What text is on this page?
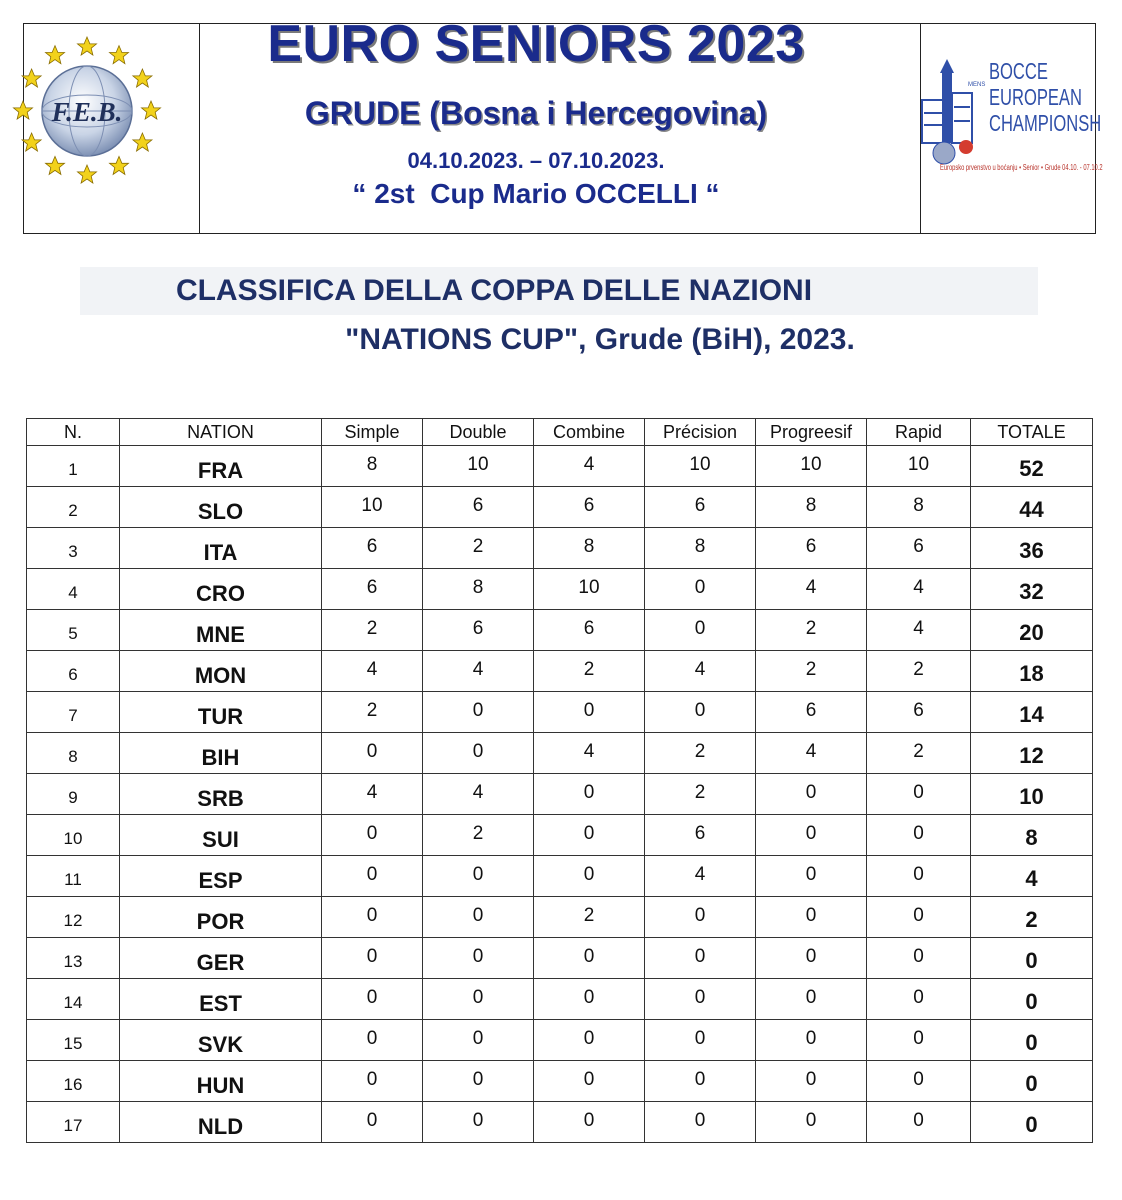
F.E.B.
EURO SENIORS 2023
GRUDE (Bosna i Hercegovina)
04.10.2023. – 07.10.2023.
“ 2st  Cup Mario OCCELLI “
MENS
BOCCE
EUROPEAN
CHAMPIONSH
Europsko prvenstvo u boćanju • Senior • Grude 04.10. - 07.10.2
CLASSIFICA DELLA COPPA DELLE NAZIONI
"NATIONS CUP", Grude (BiH), 2023.
N.	NATION	Simple	Double	Combine	Précision	Progreesif	Rapid	TOTALE
1	FRA	8	10	4	10	10	10	52
2	SLO	10	6	6	6	8	8	44
3	ITA	6	2	8	8	6	6	36
4	CRO	6	8	10	0	4	4	32
5	MNE	2	6	6	0	2	4	20
6	MON	4	4	2	4	2	2	18
7	TUR	2	0	0	0	6	6	14
8	BIH	0	0	4	2	4	2	12
9	SRB	4	4	0	2	0	0	10
10	SUI	0	2	0	6	0	0	8
11	ESP	0	0	0	4	0	0	4
12	POR	0	0	2	0	0	0	2
13	GER	0	0	0	0	0	0	0
14	EST	0	0	0	0	0	0	0
15	SVK	0	0	0	0	0	0	0
16	HUN	0	0	0	0	0	0	0
17	NLD	0	0	0	0	0	0	0
